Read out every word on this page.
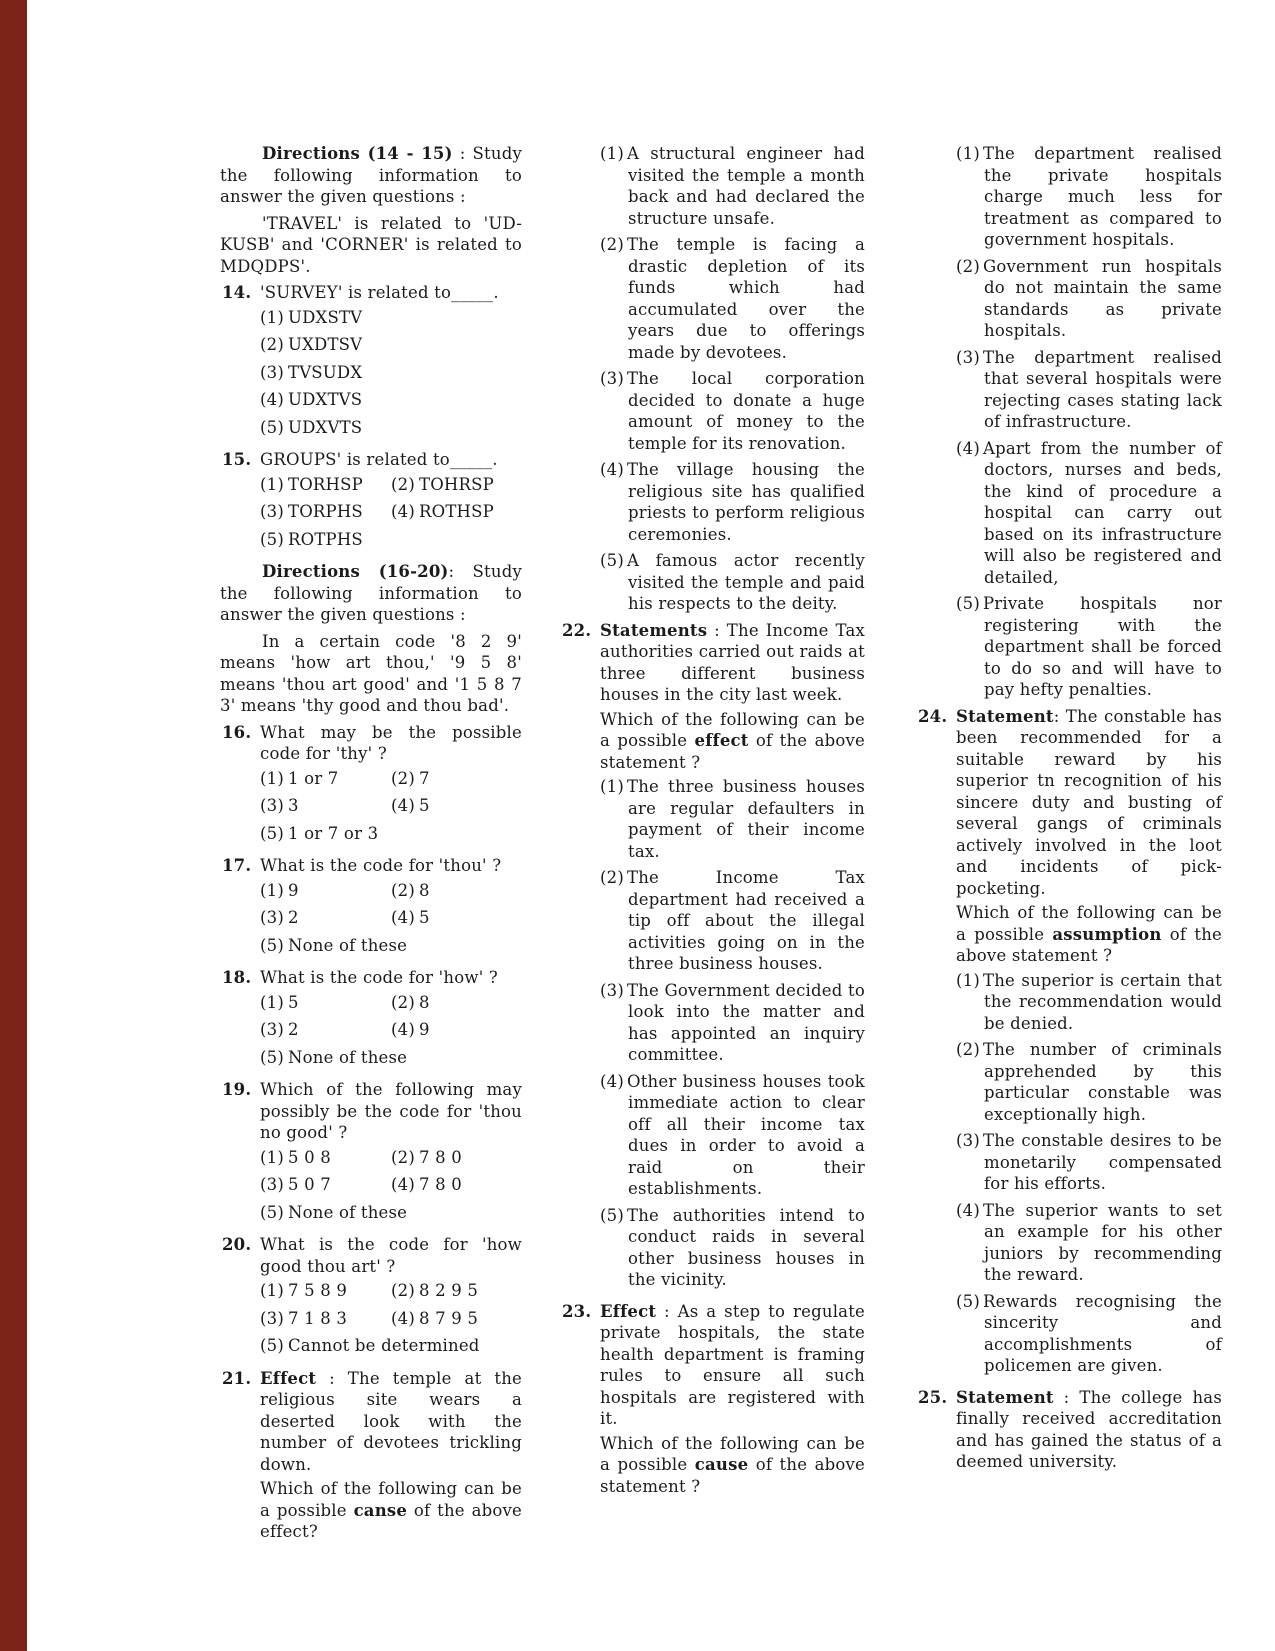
Directions (14 - 15) : Study the following information to answer the given questions :
'TRAVEL' is related to 'UD-KUSB' and 'CORNER' is related to MDQDPS'.
14. 'SURVEY' is related to_____.
(1) UDXSTV
(2) UXDTSV
(3) TVSUDX
(4) UDXTVS
(5) UDXVTS
15. GROUPS' is related to_____.
(1) TORHSP	(2) TOHRSP
(3) TORPHS	(4) ROTHSP
(5) ROTPHS
Directions (16-20): Study the following information to answer the given questions :
In a certain code '8 2 9' means 'how art thou,' '9 5 8' means 'thou art good' and '1 5 8 7 3' means 'thy good and thou bad'.
16. What may be the possible code for 'thy' ?
(1) 1 or 7	(2) 7
(3) 3	(4) 5
(5) 1 or 7 or 3
17. What is the code for 'thou' ?
(1) 9	(2) 8
(3) 2	(4) 5
(5) None of these
18. What is the code for 'how' ?
(1) 5	(2) 8
(3) 2	(4) 9
(5) None of these
19. Which of the following may possibly be the code for 'thou no good' ?
(1) 5 0 8	(2) 7 8 0
(3) 5 0 7	(4) 7 8 0
(5) None of these
20. What is the code for 'how good thou art' ?
(1) 7 5 8 9	(2) 8 2 9 5
(3) 7 1 8 3	(4) 8 7 9 5
(5) Cannot be determined
21. Effect : The temple at the religious site wears a deserted look with the number of devotees trickling down.
Which of the following can be a possible canse of the above effect?
(1) A structural engineer had visited the temple a month back and had declared the structure unsafe.
(2) The temple is facing a drastic depletion of its funds which had accumulated over the years due to offerings made by devotees.
(3) The local corporation decided to donate a huge amount of money to the temple for its renovation.
(4) The village housing the religious site has qualified priests to perform religious ceremonies.
(5) A famous actor recently visited the temple and paid his respects to the deity.
22. Statements : The Income Tax authorities carried out raids at three different business houses in the city last week.
Which of the following can be a possible effect of the above statement ?
(1) The three business houses are regular defaulters in payment of their income tax.
(2) The Income Tax department had received a tip off about the illegal activities going on in the three business houses.
(3) The Government decided to look into the matter and has appointed an inquiry committee.
(4) Other business houses took immediate action to clear off all their income tax dues in order to avoid a raid on their establishments.
(5) The authorities intend to conduct raids in several other business houses in the vicinity.
23. Effect : As a step to regulate private hospitals, the state health department is framing rules to ensure all such hospitals are registered with it.
Which of the following can be a possible cause of the above statement ?
(1) The department realised the private hospitals charge much less for treatment as compared to government hospitals.
(2) Government run hospitals do not maintain the same standards as private hospitals.
(3) The department realised that several hospitals were rejecting cases stating lack of infrastructure.
(4) Apart from the number of doctors, nurses and beds, the kind of procedure a hospital can carry out based on its infrastructure will also be registered and detailed,
(5) Private hospitals nor registering with the department shall be forced to do so and will have to pay hefty penalties.
24. Statement: The constable has been recommended for a suitable reward by his superior tn recognition of his sincere duty and busting of several gangs of criminals actively involved in the loot and incidents of pick-pocketing.
Which of the following can be a possible assumption of the above statement ?
(1) The superior is certain that the recommendation would be denied.
(2) The number of criminals apprehended by this particular constable was exceptionally high.
(3) The constable desires to be monetarily compensated for his efforts.
(4) The superior wants to set an example for his other juniors by recommending the reward.
(5) Rewards recognising the sincerity and accomplishments of policemen are given.
25. Statement : The college has finally received accreditation and has gained the status of a deemed university.
